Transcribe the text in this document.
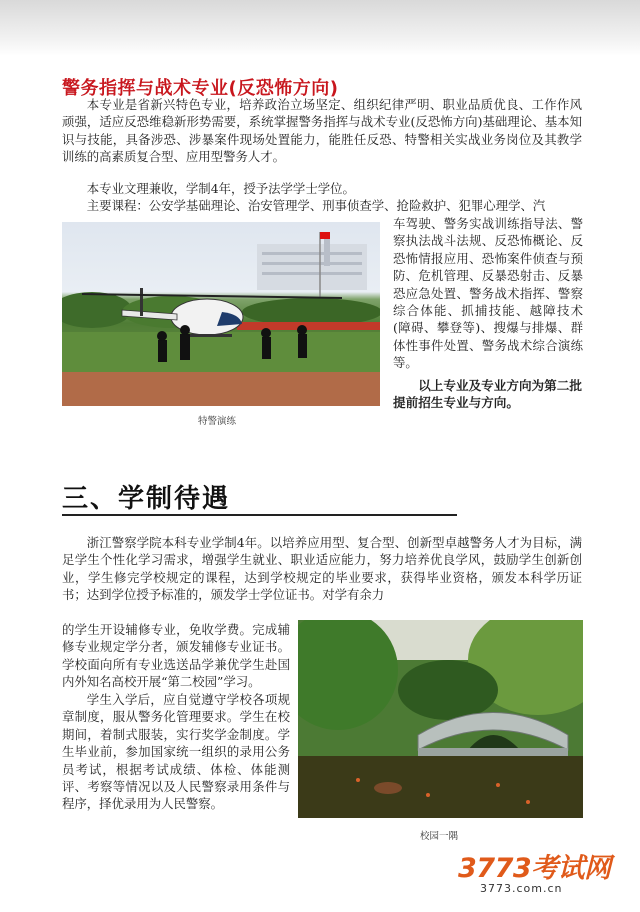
警务指挥与战术专业(反恐怖方向)

本专业是省新兴特色专业，培养政治立场坚定、组织纪律严明、职业品质优良、工作作风顽强，适应反恐维稳新形势需要，系统掌握警务指挥与战术专业(反恐怖方向)基础理论、基本知识与技能，具备涉恐、涉暴案件现场处置能力，能胜任反恐、特警相关实战业务岗位及其教学训练的高素质复合型、应用型警务人才。

本专业文理兼收，学制4年，授予法学学士学位。

主要课程：公安学基础理论、治安管理学、刑事侦查学、抢险救护、犯罪心理学、汽

车驾驶、警务实战训练指导法、警察执法战斗法规、反恐怖概论、反恐怖情报应用、恐怖案件侦查与预防、危机管理、反暴恐射击、反暴恐应急处置、警务战术指挥、警察综合体能、抓捕技能、越障技术(障碍、攀登等)、搜爆与排爆、群体性事件处置、警务战术综合演练等。

以上专业及专业方向为第二批提前招生专业与方向。
特警演练
三、学制待遇

浙江警察学院本科专业学制4年。以培养应用型、复合型、创新型卓越警务人才为目标，满足学生个性化学习需求，增强学生就业、职业适应能力，努力培养优良学风，鼓励学生创新创业，学生修完学校规定的课程，达到学校规定的毕业要求，获得毕业资格，颁发本科学历证书；达到学位授予标准的，颁发学士学位证书。对学有余力

的学生开设辅修专业，免收学费。完成辅修专业规定学分者，颁发辅修专业证书。学校面向所有专业选送品学兼优学生赴国内外知名高校开展“第二校园”学习。

学生入学后，应自觉遵守学校各项规章制度，服从警务化管理要求。学生在校期间，着制式服装，实行奖学金制度。学生毕业前，参加国家统一组织的录用公务员考试，根据考试成绩、体检、体能测评、考察等情况以及人民警察录用条件与程序，择优录用为人民警察。

校园一隅
3773考试网
3773.com.cn
